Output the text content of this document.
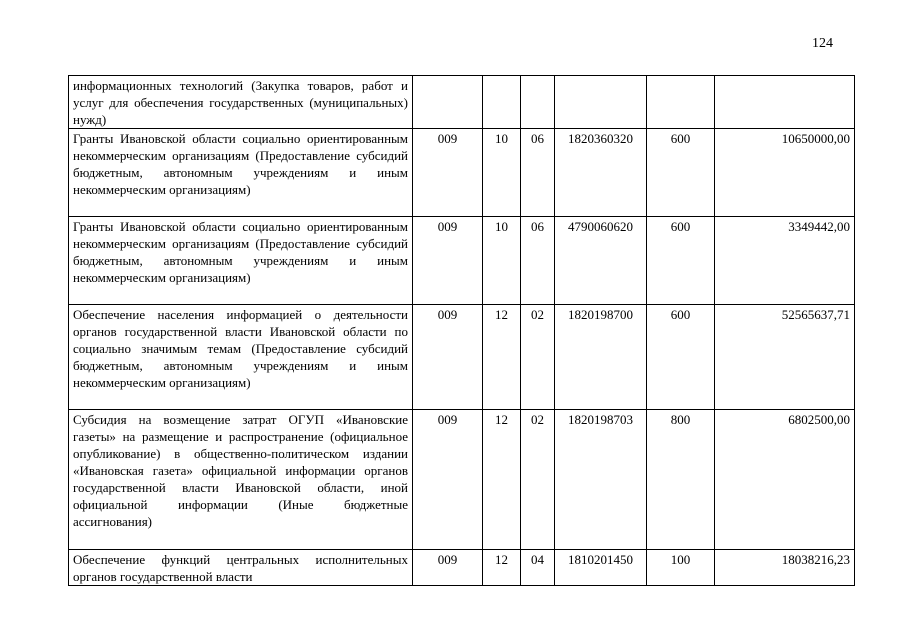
124
информационных технологий (Закупка товаров, работ и услуг для обеспечения государственных (муниципальных) нужд)						
Гранты Ивановской области социально ориентированным некоммерческим организациям (Предоставление субсидий бюджетным, автономным учреждениям и иным некоммерческим организациям)	009	10	06	1820360320	600	10650000,00
Гранты Ивановской области социально ориентированным некоммерческим организациям (Предоставление субсидий бюджетным, автономным учреждениям и иным некоммерческим организациям)	009	10	06	4790060620	600	3349442,00
Обеспечение населения информацией о деятельности органов государственной власти Ивановской области по социально значимым темам (Предоставление субсидий бюджетным, автономным учреждениям и иным некоммерческим организациям)	009	12	02	1820198700	600	52565637,71
Субсидия на возмещение затрат ОГУП «Ивановские газеты» на размещение и распространение (официальное опубликование) в общественно-политическом издании «Ивановская газета» официальной информации органов государственной власти Ивановской области, иной официальной информации (Иные бюджетные ассигнования)	009	12	02	1820198703	800	6802500,00
Обеспечение функций центральных исполнительных органов государственной власти	009	12	04	1810201450	100	18038216,23
